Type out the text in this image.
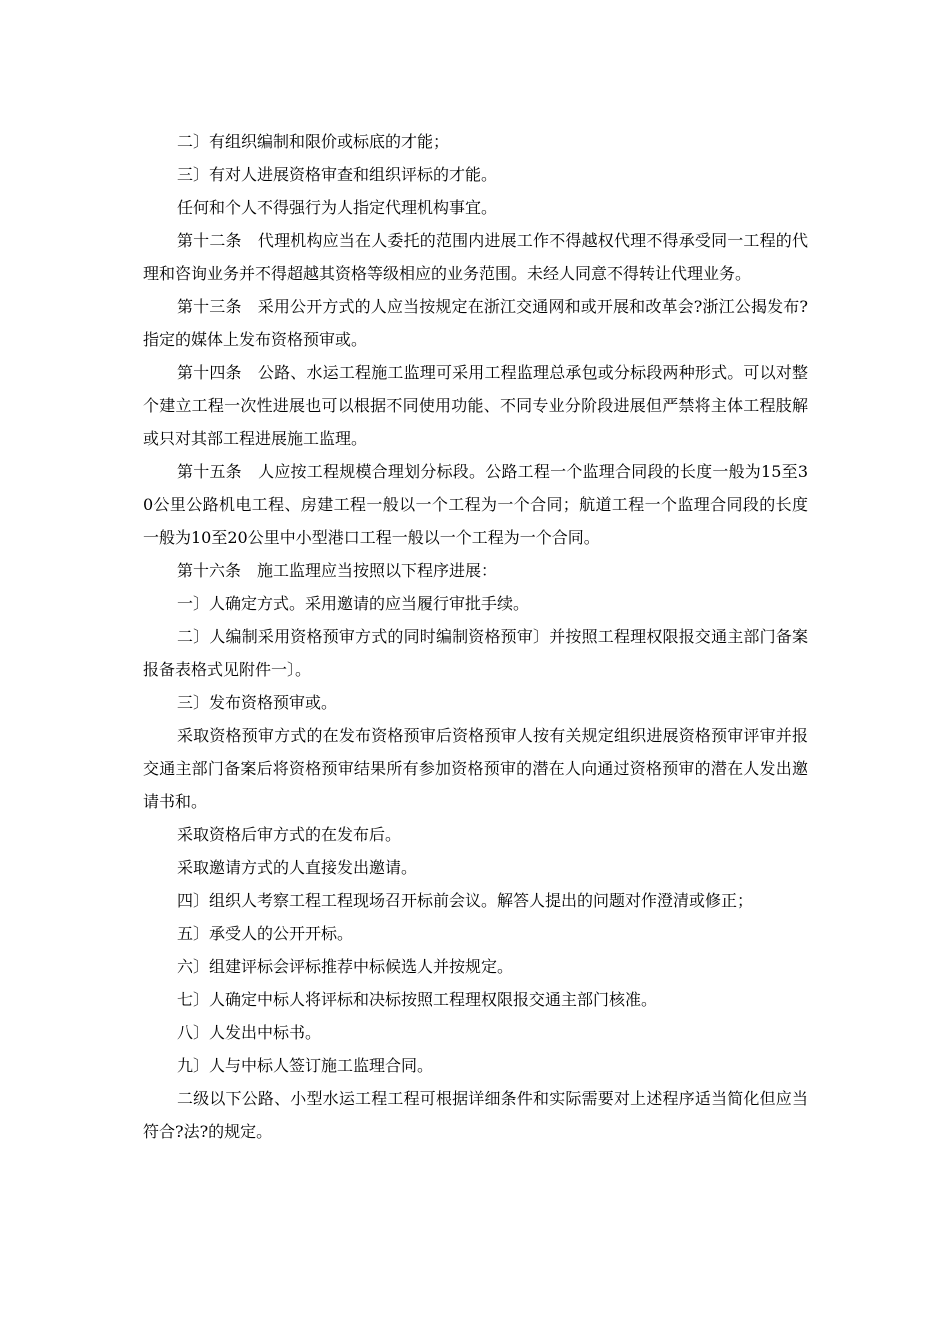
二〕有组织编制和限价或标底的才能；

三〕有对人进展资格审查和组织评标的才能。

任何和个人不得强行为人指定代理机构事宜。

第十二条　代理机构应当在人委托的范围内进展工作不得越权代理不得承受同一工程的代理和咨询业务并不得超越其资格等级相应的业务范围。未经人同意不得转让代理业务。

第十三条　采用公开方式的人应当按规定在浙江交通网和或开展和改革会?浙江公揭发布?指定的媒体上发布资格预审或。

第十四条　公路、水运工程施工监理可采用工程监理总承包或分标段两种形式。可以对整个建立工程一次性进展也可以根据不同使用功能、不同专业分阶段进展但严禁将主体工程肢解或只对其部工程进展施工监理。

第十五条　人应按工程规模合理划分标段。公路工程一个监理合同段的长度一般为15至30公里公路机电工程、房建工程一般以一个工程为一个合同；航道工程一个监理合同段的长度一般为10至20公里中小型港口工程一般以一个工程为一个合同。

第十六条　施工监理应当按照以下程序进展：

一〕人确定方式。采用邀请的应当履行审批手续。

二〕人编制采用资格预审方式的同时编制资格预审〕并按照工程理权限报交通主部门备案报备表格式见附件一〕。

三〕发布资格预审或。

采取资格预审方式的在发布资格预审后资格预审人按有关规定组织进展资格预审评审并报交通主部门备案后将资格预审结果所有参加资格预审的潜在人向通过资格预审的潜在人发出邀请书和。

采取资格后审方式的在发布后。

采取邀请方式的人直接发出邀请。

四〕组织人考察工程工程现场召开标前会议。解答人提出的问题对作澄清或修正；

五〕承受人的公开开标。

六〕组建评标会评标推荐中标候选人并按规定。

七〕人确定中标人将评标和决标按照工程理权限报交通主部门核准。

八〕人发出中标书。

九〕人与中标人签订施工监理合同。

二级以下公路、小型水运工程工程可根据详细条件和实际需要对上述程序适当简化但应当符合?法?的规定。
